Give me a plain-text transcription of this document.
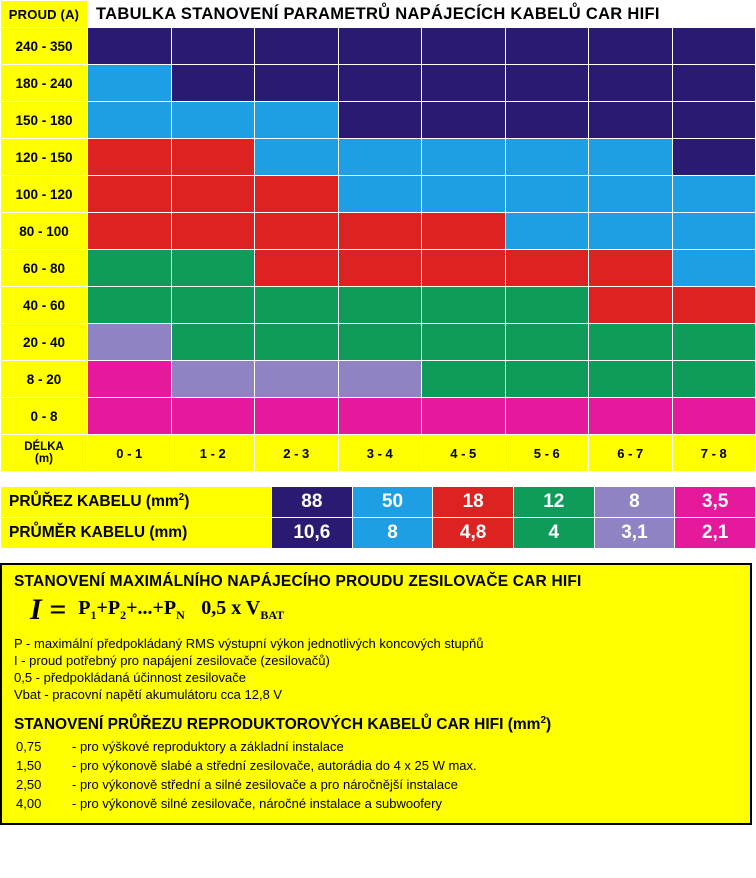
PROUD (A)	TABULKA STANOVENÍ PARAMETRŮ NAPÁJECÍCH KABELŮ CAR HIFI							
240 - 350								
180 - 240								
150 - 180								
120 - 150								
100 - 120								
80 - 100								
60 - 80								
40 - 60								
20 - 40								
8 - 20								
0 - 8								

DÉLKA
(m)	0 - 1	1 - 2	2 - 3	3 - 4	4 - 5	5 - 6	6 - 7	7 - 8
PRŮŘEZ KABELU $(mm^2)$	88	50	18	12	8	3,5
PRŮMĚR KABELU (mm)	10,6	8	4,8	4	3,1	2,1
STANOVENÍ MAXIMÁLNÍHO NAPÁJECÍHO PROUDU ZESILOVAČE CAR HIFI
$I = P_1+P_2+...+P_N$ 0,5 x $V_{BAT}$
P - maximální předpokládaný RMS výstupní výkon jednotlivých koncových stupňů
I - proud potřebný pro napájení zesilovače (zesilovačů)
0,5 - předpokládaná účinnost zesilovače
Vbat - pracovní napětí akumulátoru cca 12,8 V
STANOVENÍ PRŮŘEZU REPRODUKTOROVÝCH KABELŮ CAR HIFI $(mm^2)$
0,75	- pro výškové reproduktory a základní instalace
1,50	- pro výkonově slabé a střední zesilovače, autorádia do 4 x 25 W max.
2,50	- pro výkonově střední a silné zesilovače a pro náročnější instalace
4,00	- pro výkonově silné zesilovače, náročné instalace a subwoofery
